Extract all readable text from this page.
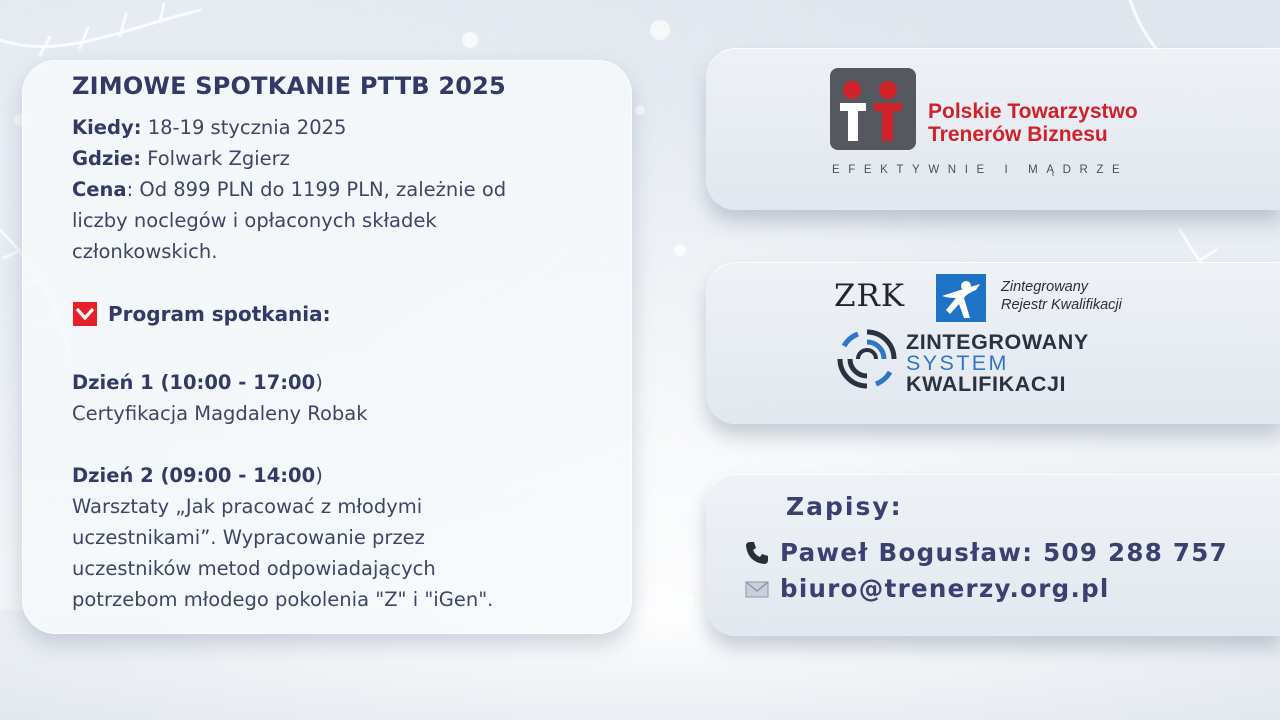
ZIMOWE SPOTKANIE PTTB 2025
Kiedy: 18-19 stycznia 2025
Gdzie: Folwark Zgierz
Cena: Od 899 PLN do 1199 PLN, zależnie od
liczby noclegów i opłaconych składek
członkowskich.
Program spotkania:
Dzień 1 (10:00 - 17:00)
Certyfikacja Magdaleny Robak
Dzień 2 (09:00 - 14:00)
Warsztaty „Jak pracować z młodymi
uczestnikami”. Wypracowanie przez
uczestników metod odpowiadających
potrzebom młodego pokolenia "Z" i "iGen".
Polskie Towarzystwo
Trenerów Biznesu
EFEKTYWNIE I MĄDRZE
ZRK	Zintegrowany
Rejestr Kwalifikacji
ZINTEGROWANY
SYSTEM
KWALIFIKACJI
Zapisy:
Paweł Bogusław: 509 288 757
biuro@trenerzy.org.pl
